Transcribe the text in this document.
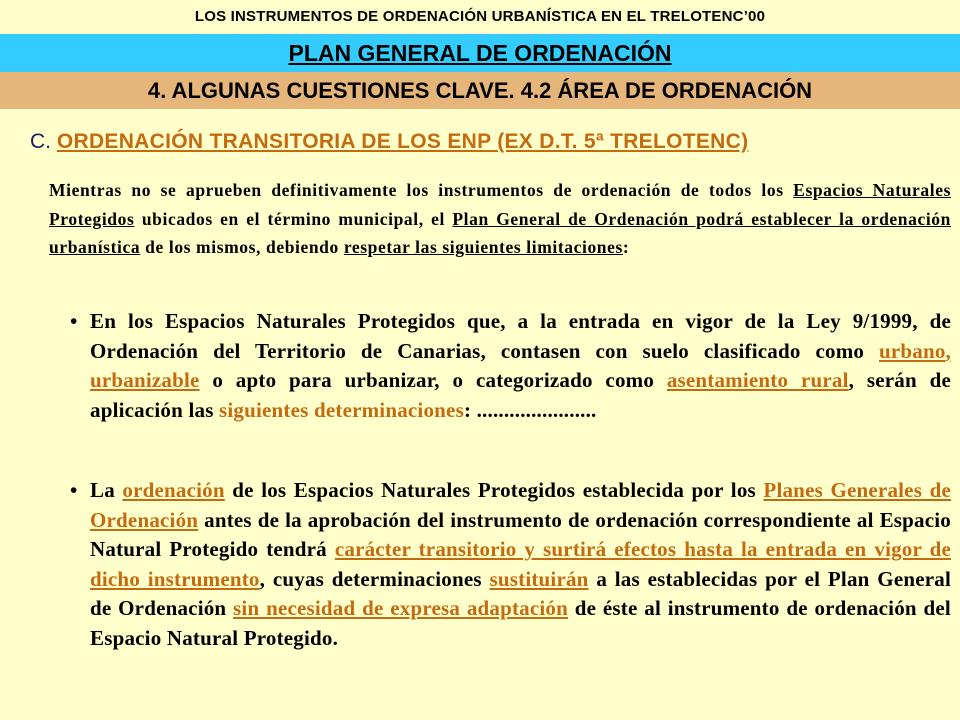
LOS INSTRUMENTOS DE ORDENACIÓN URBANÍSTICA EN EL TRELOTENC’00
PLAN GENERAL DE ORDENACIÓN
4. ALGUNAS CUESTIONES CLAVE. 4.2 ÁREA DE ORDENACIÓN
C. ORDENACIÓN TRANSITORIA DE LOS ENP (EX D.T. 5ª TRELOTENC)
Mientras no se aprueben definitivamente los instrumentos de ordenación de todos los Espacios Naturales Protegidos ubicados en el término municipal, el Plan General de Ordenación podrá establecer la ordenación urbanística de los mismos, debiendo respetar las siguientes limitaciones:
• En los Espacios Naturales Protegidos que, a la entrada en vigor de la Ley 9/1999, de Ordenación del Territorio de Canarias, contasen con suelo clasificado como urbano, urbanizable o apto para urbanizar, o categorizado como asentamiento rural, serán de aplicación las siguientes determinaciones: ......................
• La ordenación de los Espacios Naturales Protegidos establecida por los Planes Generales de Ordenación antes de la aprobación del instrumento de ordenación correspondiente al Espacio Natural Protegido tendrá carácter transitorio y surtirá efectos hasta la entrada en vigor de dicho instrumento, cuyas determinaciones sustituirán a las establecidas por el Plan General de Ordenación sin necesidad de expresa adaptación de éste al instrumento de ordenación del Espacio Natural Protegido.
